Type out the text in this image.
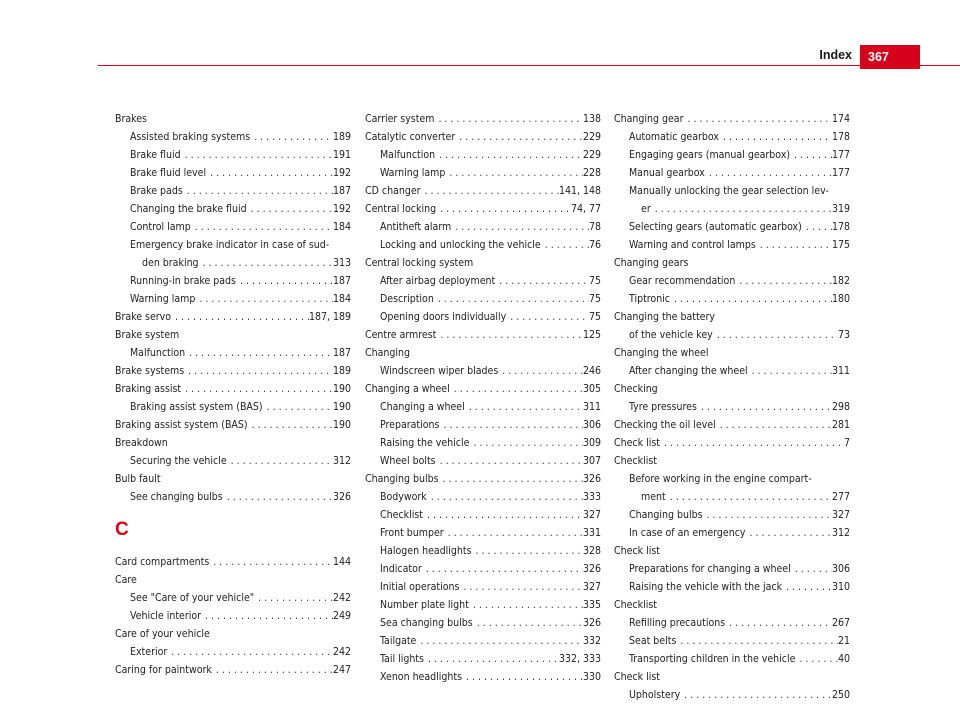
Index	367
Brakes
Assisted braking systems . . .	189
Brake fluid . . .	191
Brake fluid level . . .	192
Brake pads . . .	187
Changing the brake fluid . . .	192
Control lamp . . .	184
Emergency brake indicator in case of sud-
den braking . . .	313
Running-in brake pads . . .	187
Warning lamp . . .	184
Brake servo . . .	187, 189
Brake system
Malfunction . . .	187
Brake systems . . .	189
Braking assist . . .	190
Braking assist system (BAS) . . .	190
Braking assist system (BAS) . . .	190
Breakdown
Securing the vehicle . . .	312
Bulb fault
See changing bulbs . . .	326
C
Card compartments . . .	144
Care
See "Care of your vehicle" . . .	242
Vehicle interior . . .	249
Care of your vehicle
Exterior . . .	242
Caring for paintwork . . .	247
Carrier system . . .	138
Catalytic converter . . .	229
Malfunction . . .	229
Warning lamp . . .	228
CD changer . . .	141, 148
Central locking . . .	74, 77
Antitheft alarm . . .	78
Locking and unlocking the vehicle . . .	76
Central locking system
After airbag deployment . . .	75
Description . . .	75
Opening doors individually . . .	75
Centre armrest . . .	125
Changing
Windscreen wiper blades . . .	246
Changing a wheel . . .	305
Changing a wheel . . .	311
Preparations . . .	306
Raising the vehicle . . .	309
Wheel bolts . . .	307
Changing bulbs . . .	326
Bodywork . . .	333
Checklist . . .	327
Front bumper . . .	331
Halogen headlights . . .	328
Indicator . . .	326
Initial operations . . .	327
Number plate light . . .	335
Sea changing bulbs . . .	326
Tailgate . . .	332
Tail lights . . .	332, 333
Xenon headlights . . .	330
Changing gear . . .	174
Automatic gearbox . . .	178
Engaging gears (manual gearbox) . . .	177
Manual gearbox . . .	177
Manually unlocking the gear selection lev-
er . . .	319
Selecting gears (automatic gearbox) . . .	178
Warning and control lamps . . .	175
Changing gears
Gear recommendation . . .	182
Tiptronic . . .	180
Changing the battery
of the vehicle key . . .	73
Changing the wheel
After changing the wheel . . .	311
Checking
Tyre pressures . . .	298
Checking the oil level . . .	281
Check list . . .	7
Checklist
Before working in the engine compart-
ment . . .	277
Changing bulbs . . .	327
In case of an emergency . . .	312
Check list
Preparations for changing a wheel . . .	306
Raising the vehicle with the jack . . .	310
Checklist
Refilling precautions . . .	267
Seat belts . . .	21
Transporting children in the vehicle . . .	40
Check list
Upholstery . . .	250
